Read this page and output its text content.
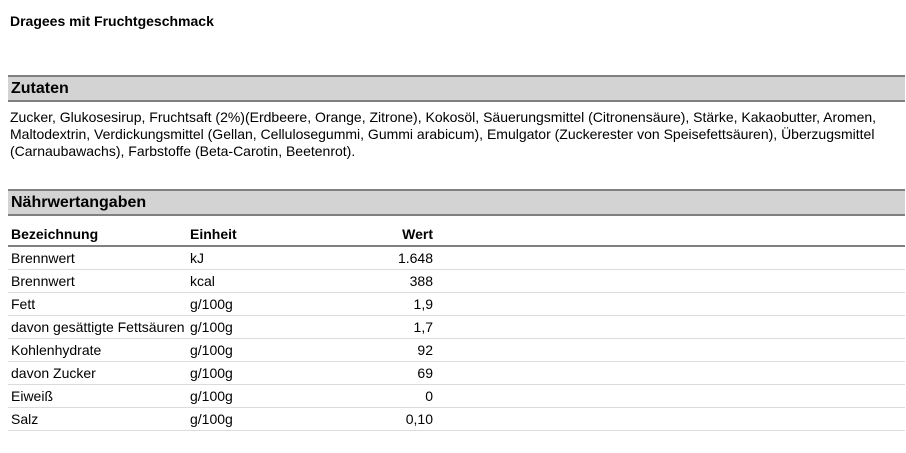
Dragees mit Fruchtgeschmack
Zutaten
Zucker, Glukosesirup, Fruchtsaft (2%)(Erdbeere, Orange, Zitrone), Kokosöl, Säuerungsmittel (Citronensäure), Stärke, Kakaobutter, Aromen, Maltodextrin, Verdickungsmittel (Gellan, Cellulosegummi, Gummi arabicum), Emulgator (Zuckerester von Speisefettsäuren), Überzugsmittel (Carnaubawachs), Farbstoffe (Beta-Carotin, Beetenrot).
Nährwertangaben
Bezeichnung	Einheit	Wert	
Brennwert	kJ	1.648	
Brennwert	kcal	388	
Fett	g/100g	1,9	
davon gesättigte Fettsäuren	g/100g	1,7	
Kohlenhydrate	g/100g	92	
davon Zucker	g/100g	69	
Eiweiß	g/100g	0	
Salz	g/100g	0,10	
